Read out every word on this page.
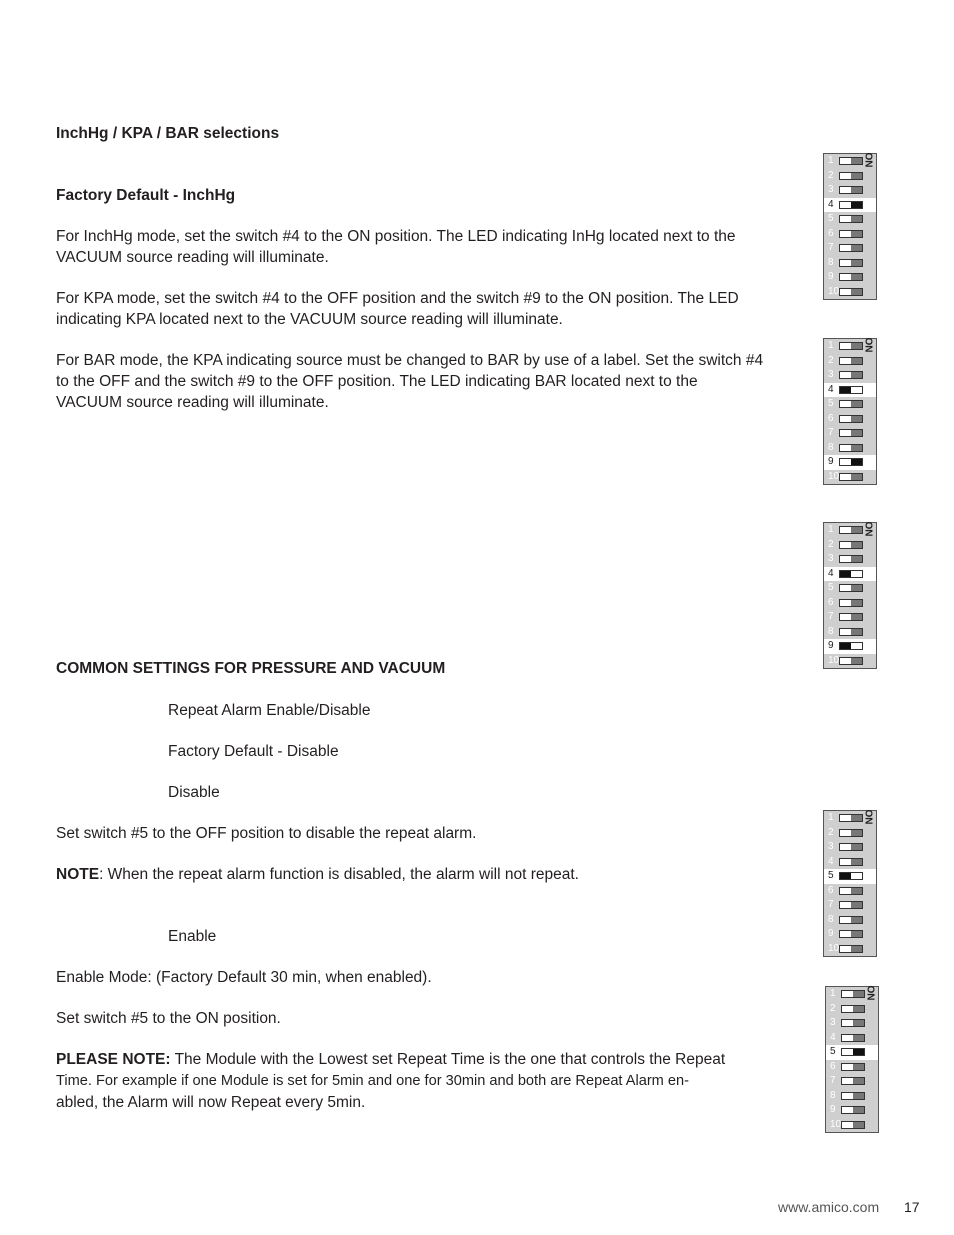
InchHg / KPA / BAR selections

Factory Default - InchHg

For InchHg mode, set the switch #4 to the ON position. The LED indicating InHg located next to the VACUUM source reading will illuminate.

For KPA mode, set the switch #4 to the OFF position and the switch #9 to the ON position. The LED indicating KPA located next to the VACUUM source reading will illuminate.

For BAR mode, the KPA indicating source must be changed to BAR by use of a label. Set the switch #4 to the OFF and the switch #9 to the OFF position. The LED indicating BAR located next to the VACUUM source reading will illuminate.

COMMON SETTINGS FOR PRESSURE AND VACUUM

Repeat Alarm Enable/Disable

Factory Default - Disable

Disable

Set switch #5 to the OFF position to disable the repeat alarm.

NOTE: When the repeat alarm function is disabled, the alarm will not repeat.

Enable

Enable Mode: (Factory Default 30 min, when enabled).

Set switch #5 to the ON position.

PLEASE NOTE: The Module with the Lowest set Repeat Time is the one that controls the Repeat
Time. For example if one Module is set for 5min and one for 30min and both are Repeat Alarm en-
abled, the Alarm will now Repeat every 5min.

1	ON
2
3
4
5
6
7
8
9
10
1	ON
2
3
4
5
6
7
8
9
10
1	ON
2
3
4
5
6
7
8
9
10
1	ON
2
3
4
5
6
7
8
9
10
1	ON
2
3
4
5
6
7
8
9
10
www.amico.com 17
